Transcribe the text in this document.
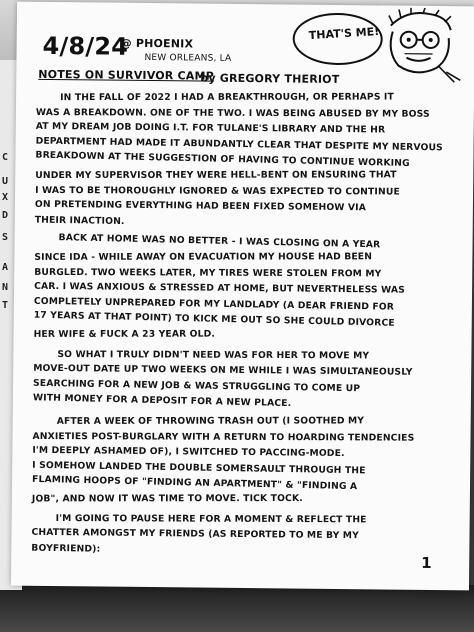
C
U
X
D
S
A
N
T
4/8/24
@ PHOENIX
NEW ORLEANS, LA
NOTES ON SURVIVOR CAMP
by GREGORY THERIOT
THAT'S ME!
IN THE FALL OF 2022 I HAD A BREAKTHROUGH, OR PERHAPS IT
WAS A BREAKDOWN. ONE OF THE TWO. I WAS BEING ABUSED BY MY BOSS
AT MY DREAM JOB DOING I.T. FOR TULANE'S LIBRARY AND THE HR
DEPARTMENT HAD MADE IT ABUNDANTLY CLEAR THAT DESPITE MY NERVOUS
BREAKDOWN AT THE SUGGESTION OF HAVING TO CONTINUE WORKING
UNDER MY SUPERVISOR THEY WERE HELL-BENT ON ENSURING THAT
I WAS TO BE THOROUGHLY IGNORED & WAS EXPECTED TO CONTINUE
ON PRETENDING EVERYTHING HAD BEEN FIXED SOMEHOW VIA
THEIR INACTION.
BACK AT HOME WAS NO BETTER - I WAS CLOSING ON A YEAR
SINCE IDA - WHILE AWAY ON EVACUATION MY HOUSE HAD BEEN
BURGLED. TWO WEEKS LATER, MY TIRES WERE STOLEN FROM MY
CAR. I WAS ANXIOUS & STRESSED AT HOME, BUT NEVERTHELESS WAS
COMPLETELY UNPREPARED FOR MY LANDLADY (A DEAR FRIEND FOR
17 YEARS AT THAT POINT) TO KICK ME OUT SO SHE COULD DIVORCE
HER WIFE & FUCK A 23 YEAR OLD.
SO WHAT I TRULY DIDN'T NEED WAS FOR HER TO MOVE MY
MOVE-OUT DATE UP TWO WEEKS ON ME WHILE I WAS SIMULTANEOUSLY
SEARCHING FOR A NEW JOB & WAS STRUGGLING TO COME UP
WITH MONEY FOR A DEPOSIT FOR A NEW PLACE.
AFTER A WEEK OF THROWING TRASH OUT (I SOOTHED MY
ANXIETIES POST-BURGLARY WITH A RETURN TO HOARDING TENDENCIES
I'M DEEPLY ASHAMED OF), I SWITCHED TO PACCING-MODE.
I SOMEHOW LANDED THE DOUBLE SOMERSAULT THROUGH THE
FLAMING HOOPS OF "FINDING AN APARTMENT" & "FINDING A
JOB", AND NOW IT WAS TIME TO MOVE. TICK TOCK.
I'M GOING TO PAUSE HERE FOR A MOMENT & REFLECT THE
CHATTER AMONGST MY FRIENDS (AS REPORTED TO ME BY MY
BOYFRIEND):
1
